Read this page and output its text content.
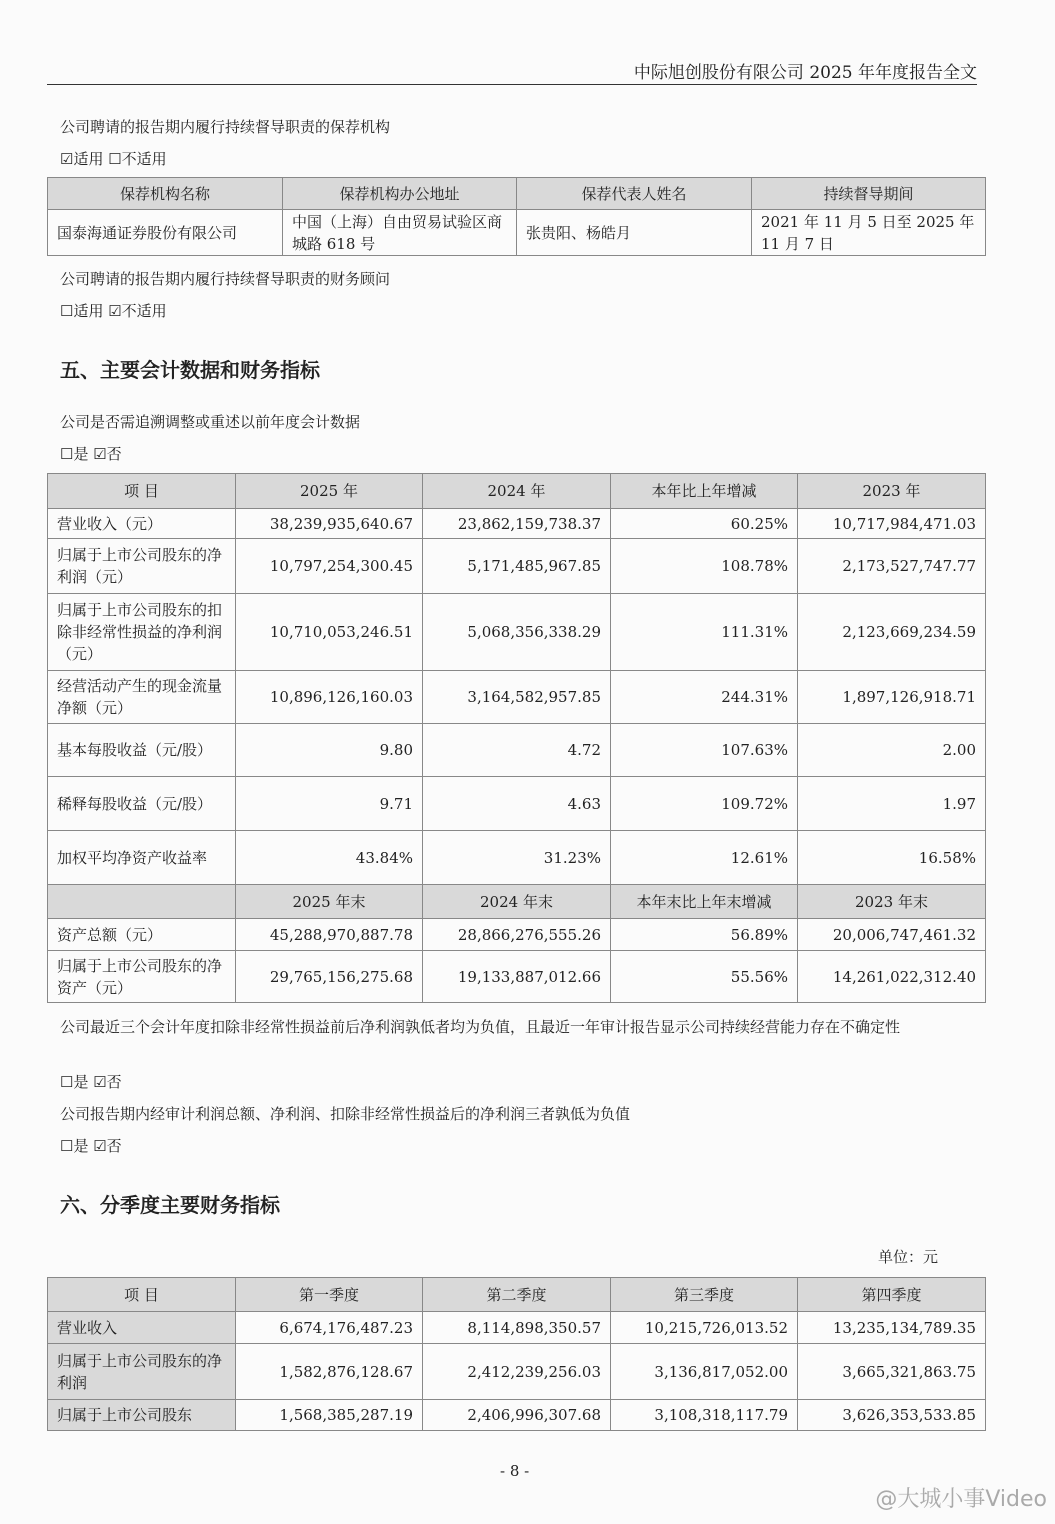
中际旭创股份有限公司 2025 年年度报告全文
公司聘请的报告期内履行持续督导职责的保荐机构
☑适用 ☐不适用
保荐机构名称	保荐机构办公地址	保荐代表人姓名	持续督导期间
国泰海通证券股份有限公司	中国（上海）自由贸易试验区商城路 618 号	张贵阳、杨皓月	2021 年 11 月 5 日至 2025 年 11 月 7 日
公司聘请的报告期内履行持续督导职责的财务顾问
☐适用 ☑不适用
五、主要会计数据和财务指标
公司是否需追溯调整或重述以前年度会计数据
☐是 ☑否
项 目	2025 年	2024 年	本年比上年增减	2023 年
营业收入（元）	38,239,935,640.67	23,862,159,738.37	60.25%	10,717,984,471.03
归属于上市公司股东的净利润（元）	10,797,254,300.45	5,171,485,967.85	108.78%	2,173,527,747.77
归属于上市公司股东的扣除非经常性损益的净利润（元）	10,710,053,246.51	5,068,356,338.29	111.31%	2,123,669,234.59
经营活动产生的现金流量净额（元）	10,896,126,160.03	3,164,582,957.85	244.31%	1,897,126,918.71
基本每股收益（元/股）	9.80	4.72	107.63%	2.00
稀释每股收益（元/股）	9.71	4.63	109.72%	1.97
加权平均净资产收益率	43.84%	31.23%	12.61%	16.58%
	2025 年末	2024 年末	本年末比上年末增减	2023 年末
资产总额（元）	45,288,970,887.78	28,866,276,555.26	56.89%	20,006,747,461.32
归属于上市公司股东的净资产（元）	29,765,156,275.68	19,133,887,012.66	55.56%	14,261,022,312.40
公司最近三个会计年度扣除非经常性损益前后净利润孰低者均为负值，且最近一年审计报告显示公司持续经营能力存在不确定性
☐是 ☑否
公司报告期内经审计利润总额、净利润、扣除非经常性损益后的净利润三者孰低为负值
☐是 ☑否
六、分季度主要财务指标
单位：元
项 目	第一季度	第二季度	第三季度	第四季度
营业收入	6,674,176,487.23	8,114,898,350.57	10,215,726,013.52	13,235,134,789.35
归属于上市公司股东的净利润	1,582,876,128.67	2,412,239,256.03	3,136,817,052.00	3,665,321,863.75
归属于上市公司股东	1,568,385,287.19	2,406,996,307.68	3,108,318,117.79	3,626,353,533.85
- 8 -
@大城小事Video
